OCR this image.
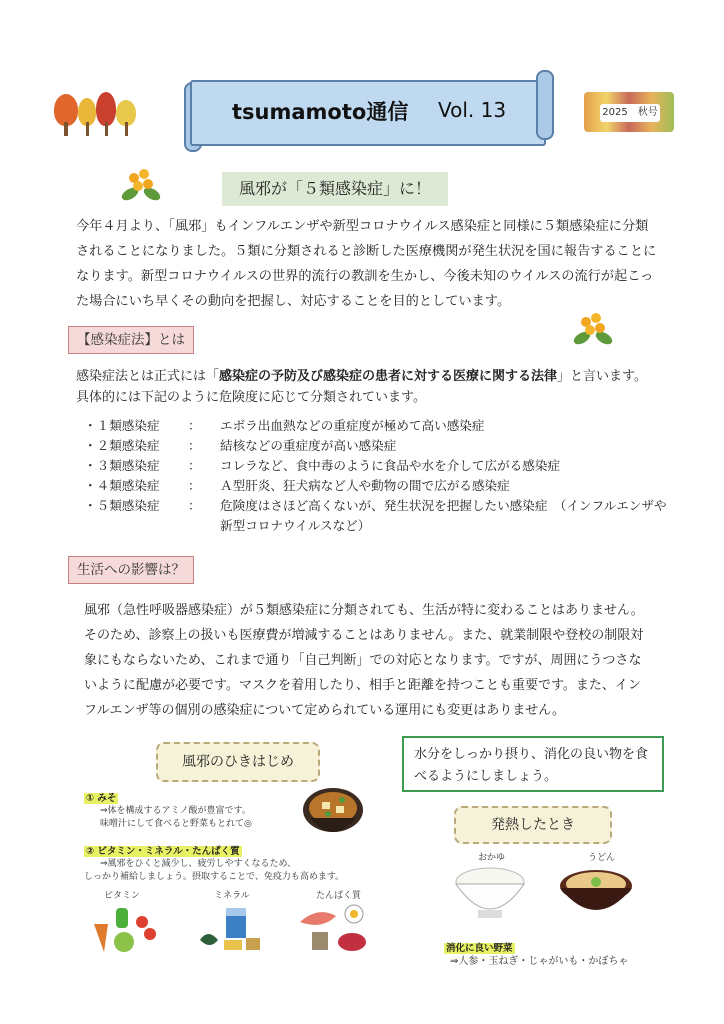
tsumamoto通信 Vol. 13	2025　秋号
風邪が「５類感染症」に！
今年４月より、「風邪」もインフルエンザや新型コロナウイルス感染症と同様に５類感染症に分類
されることになりました。５類に分類されると診断した医療機関が発生状況を国に報告することに
なります。新型コロナウイルスの世界的流行の教訓を生かし、今後未知のウイルスの流行が起こっ
た場合にいち早くその動向を把握し、対応することを目的としています。
【感染症法】とは
感染症法とは正式には「感染症の予防及び感染症の患者に対する医療に関する法律」と言います。
具体的には下記のように危険度に応じて分類されています。
・１類感染症	：	エボラ出血熱などの重症度が極めて高い感染症
・２類感染症	：	結核などの重症度が高い感染症
・３類感染症	：	コレラなど、食中毒のように食品や水を介して広がる感染症
・４類感染症	：	Ａ型肝炎、狂犬病など人や動物の間で広がる感染症
・５類感染症	：	危険度はさほど高くないが、発生状況を把握したい感染症　（インフルエンザや
新型コロナウイルスなど）
生活への影響は？
風邪（急性呼吸器感染症）が５類感染症に分類されても、生活が特に変わることはありません。
そのため、診察上の扱いも医療費が増減することはありません。また、就業制限や登校の制限対
象にもならないため、これまで通り「自己判断」での対応となります。ですが、周囲にうつさな
いように配慮が必要です。マスクを着用したり、相手と距離を持つことも重要です。また、イン
フルエンザ等の個別の感染症について定められている運用にも変更はありません。
風邪のひきはじめ
① みそ
⇒体を構成するアミノ酸が豊富です。
味噌汁にして食べると野菜もとれて◎
② ビタミン・ミネラル・たんぱく質
⇒風邪をひくと減少し、疲労しやすくなるため、
しっかり補給しましょう。摂取することで、免疫力も高めます。
ビタミン	ミネラル	たんぱく質
水分をしっかり摂り、消化の良い物を食
べるようにしましょう。
発熱したとき
おかゆ	うどん
消化に良い野菜
⇒人参・玉ねぎ・じゃがいも・かぼちゃ
